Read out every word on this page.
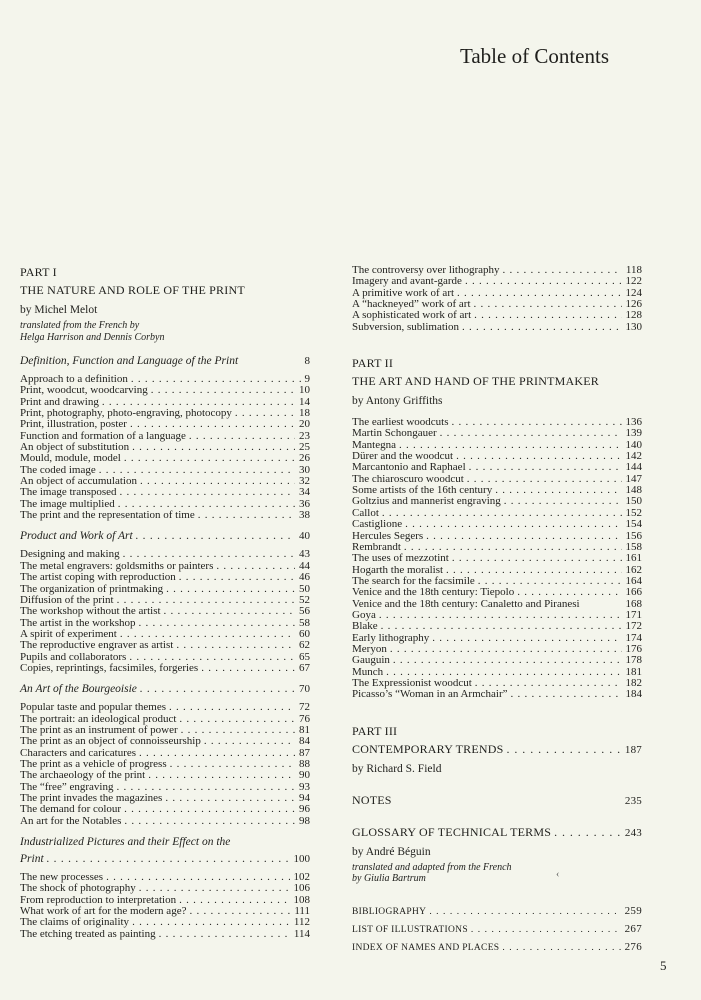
Table of Contents
PART I
THE NATURE AND ROLE OF THE PRINT
by Michel Melot
translated from the French by
Helga Harrison and Dennis Corbyn
Definition, Function and Language of the Print	8
Approach to a definition . . .	9
Print, woodcut, woodcarving . . .	10
Print and drawing . . .	14
Print, photography, photo-engraving, photocopy . . .	18
Print, illustration, poster . . .	20
Function and formation of a language . . .	23
An object of substitution . . .	25
Mould, module, model . . .	26
The coded image . . .	30
An object of accumulation . . .	32
The image transposed . . .	34
The image multiplied . . .	36
The print and the representation of time . . .	38
Product and Work of Art . . .	40
Designing and making . . .	43
The metal engravers: goldsmiths or painters . . .	44
The artist coping with reproduction . . .	46
The organization of printmaking . . .	50
Diffusion of the print . . .	52
The workshop without the artist . . .	56
The artist in the workshop . . .	58
A spirit of experiment . . .	60
The reproductive engraver as artist . . .	62
Pupils and collaborators . . .	65
Copies, reprintings, facsimiles, forgeries . . .	67
An Art of the Bourgeoisie . . .	70
Popular taste and popular themes . . .	72
The portrait: an ideological product . . .	76
The print as an instrument of power . . .	81
The print as an object of connoisseurship . . .	84
Characters and caricatures . . .	87
The print as a vehicle of progress . . .	88
The archaeology of the print . . .	90
The “free” engraving . . .	93
The print invades the magazines . . .	94
The demand for colour . . .	96
An art for the Notables . . .	98
Industrialized Pictures and their Effect on the
Print . . .	100
The new processes . . .	102
The shock of photography . . .	106
From reproduction to interpretation . . .	108
What work of art for the modern age? . . .	111
The claims of originality . . .	112
The etching treated as painting . . .	114
The controversy over lithography . . .	118
Imagery and avant-garde . . .	122
A primitive work of art . . .	124
A “hackneyed” work of art . . .	126
A sophisticated work of art . . .	128
Subversion, sublimation . . .	130
PART II
THE ART AND HAND OF THE PRINTMAKER
by Antony Griffiths
The earliest woodcuts . . .	136
Martin Schongauer . . .	139
Mantegna . . .	140
Dürer and the woodcut . . .	142
Marcantonio and Raphael . . .	144
The chiaroscuro woodcut . . .	147
Some artists of the 16th century . . .	148
Goltzius and mannerist engraving . . .	150
Callot . . .	152
Castiglione . . .	154
Hercules Segers . . .	156
Rembrandt . . .	158
The uses of mezzotint . . .	161
Hogarth the moralist . . .	162
The search for the facsimile . . .	164
Venice and the 18th century: Tiepolo . . .	166
Venice and the 18th century: Canaletto and Piranesi	168
Goya . . .	171
Blake . . .	172
Early lithography . . .	174
Meryon . . .	176
Gauguin . . .	178
Munch . . .	181
The Expressionist woodcut . . .	182
Picasso’s “Woman in an Armchair” . . .	184
PART III
CONTEMPORARY TRENDS . . .	187
by Richard S. Field
NOTES	235
GLOSSARY OF TECHNICAL TERMS . . .	243
by André Béguin
translated and adapted from the French
by Giulia Bartrum
BIBLIOGRAPHY . . .	259
LIST OF ILLUSTRATIONS . . .	267
INDEX OF NAMES AND PLACES . . .	276
‹
5
